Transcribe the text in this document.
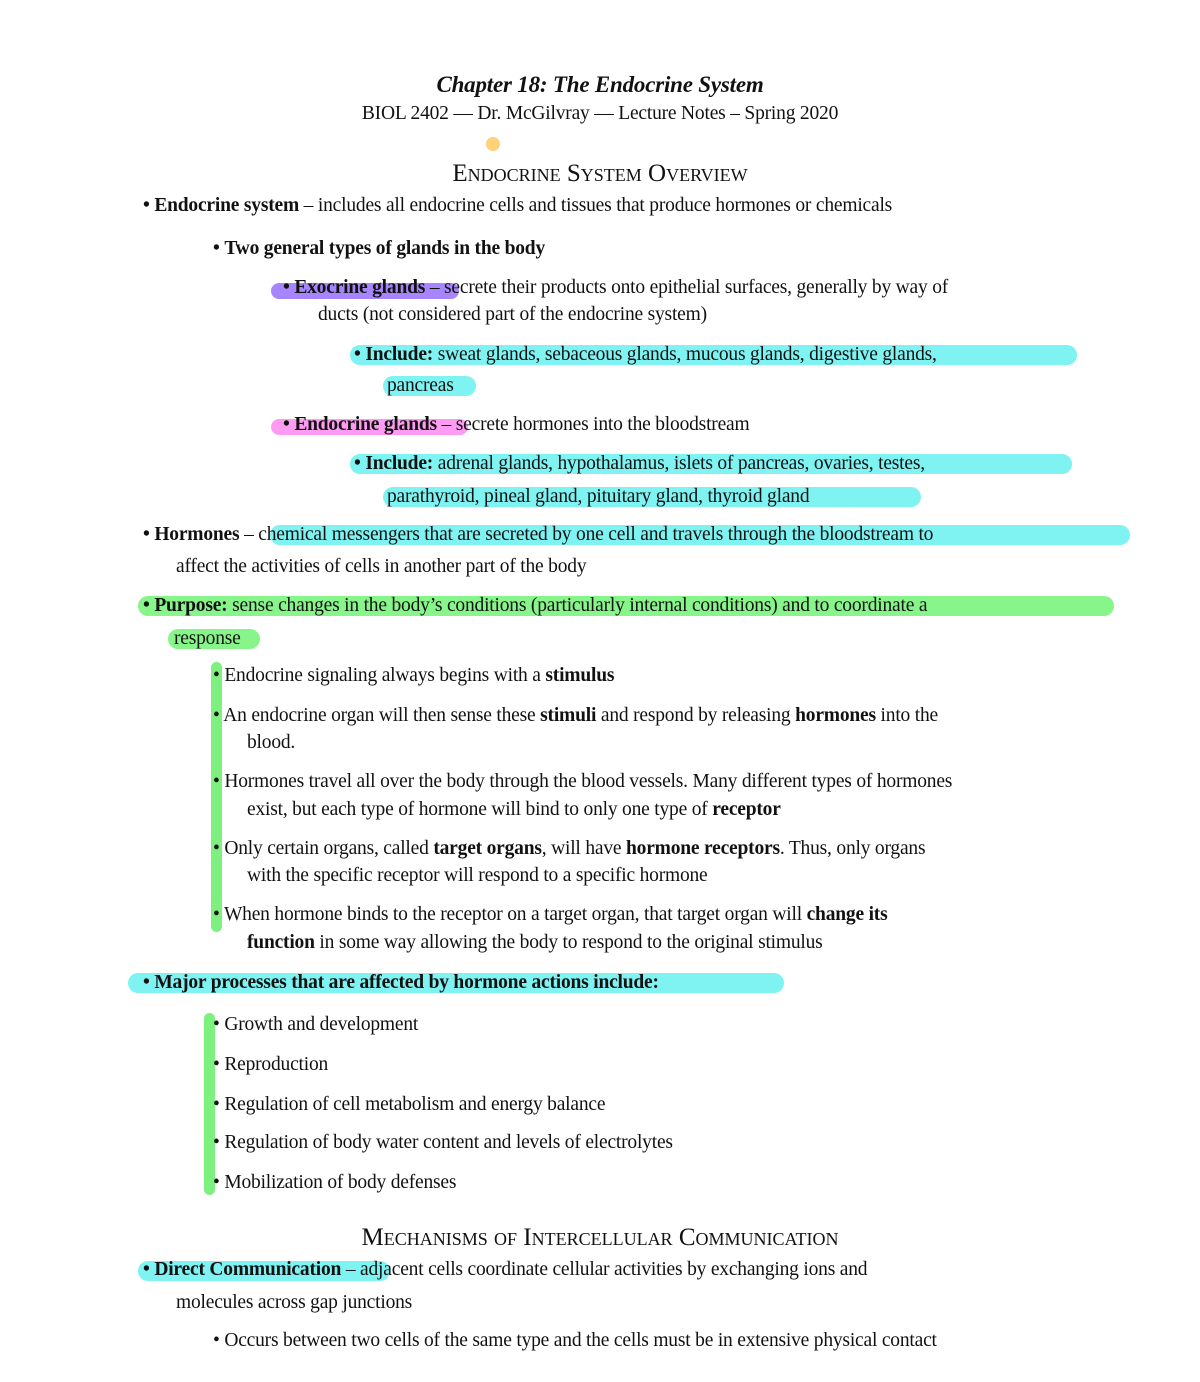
Chapter 18: The Endocrine System
BIOL 2402 — Dr. McGilvray — Lecture Notes – Spring 2020
Endocrine System Overview
• Endocrine system – includes all endocrine cells and tissues that produce hormones or chemicals
• Two general types of glands in the body
• Exocrine glands – secrete their products onto epithelial surfaces, generally by way of
ducts (not considered part of the endocrine system)
• Include: sweat glands, sebaceous glands, mucous glands, digestive glands,
pancreas
• Endocrine glands – secrete hormones into the bloodstream
• Include: adrenal glands, hypothalamus, islets of pancreas, ovaries, testes,
parathyroid, pineal gland, pituitary gland, thyroid gland
• Hormones – chemical messengers that are secreted by one cell and travels through the bloodstream to
affect the activities of cells in another part of the body
• Purpose: sense changes in the body’s conditions (particularly internal conditions) and to coordinate a
response
• Endocrine signaling always begins with a stimulus
• An endocrine organ will then sense these stimuli and respond by releasing hormones into the
blood.
• Hormones travel all over the body through the blood vessels. Many different types of hormones
exist, but each type of hormone will bind to only one type of receptor
• Only certain organs, called target organs, will have hormone receptors. Thus, only organs
with the specific receptor will respond to a specific hormone
• When hormone binds to the receptor on a target organ, that target organ will change its
function in some way allowing the body to respond to the original stimulus
• Major processes that are affected by hormone actions include:
• Growth and development
• Reproduction
• Regulation of cell metabolism and energy balance
• Regulation of body water content and levels of electrolytes
• Mobilization of body defenses
Mechanisms of Intercellular Communication
• Direct Communication – adjacent cells coordinate cellular activities by exchanging ions and
molecules across gap junctions
• Occurs between two cells of the same type and the cells must be in extensive physical contact
